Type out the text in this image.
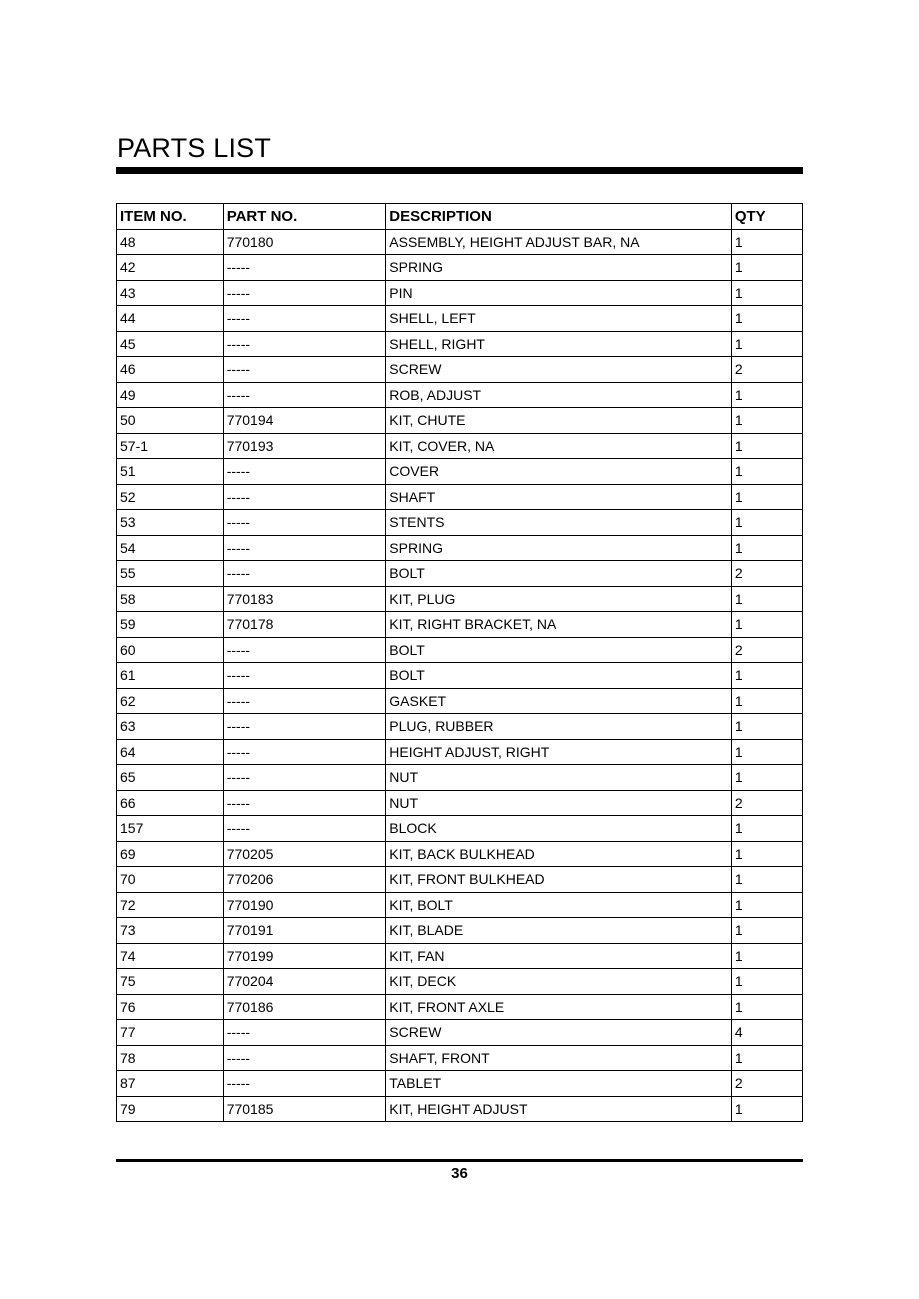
PARTS LIST
ITEM NO.	PART NO.	DESCRIPTION	QTY
48	770180	ASSEMBLY, HEIGHT ADJUST BAR, NA	1
42	-----	SPRING	1
43	-----	PIN	1
44	-----	SHELL, LEFT	1
45	-----	SHELL, RIGHT	1
46	-----	SCREW	2
49	-----	ROB, ADJUST	1
50	770194	KIT, CHUTE	1
57-1	770193	KIT, COVER, NA	1
51	-----	COVER	1
52	-----	SHAFT	1
53	-----	STENTS	1
54	-----	SPRING	1
55	-----	BOLT	2
58	770183	KIT, PLUG	1
59	770178	KIT, RIGHT BRACKET, NA	1
60	-----	BOLT	2
61	-----	BOLT	1
62	-----	GASKET	1
63	-----	PLUG, RUBBER	1
64	-----	HEIGHT ADJUST, RIGHT	1
65	-----	NUT	1
66	-----	NUT	2
157	-----	BLOCK	1
69	770205	KIT, BACK BULKHEAD	1
70	770206	KIT, FRONT BULKHEAD	1
72	770190	KIT, BOLT	1
73	770191	KIT, BLADE	1
74	770199	KIT, FAN	1
75	770204	KIT, DECK	1
76	770186	KIT, FRONT AXLE	1
77	-----	SCREW	4
78	-----	SHAFT, FRONT	1
87	-----	TABLET	2
79	770185	KIT, HEIGHT ADJUST	1
36
